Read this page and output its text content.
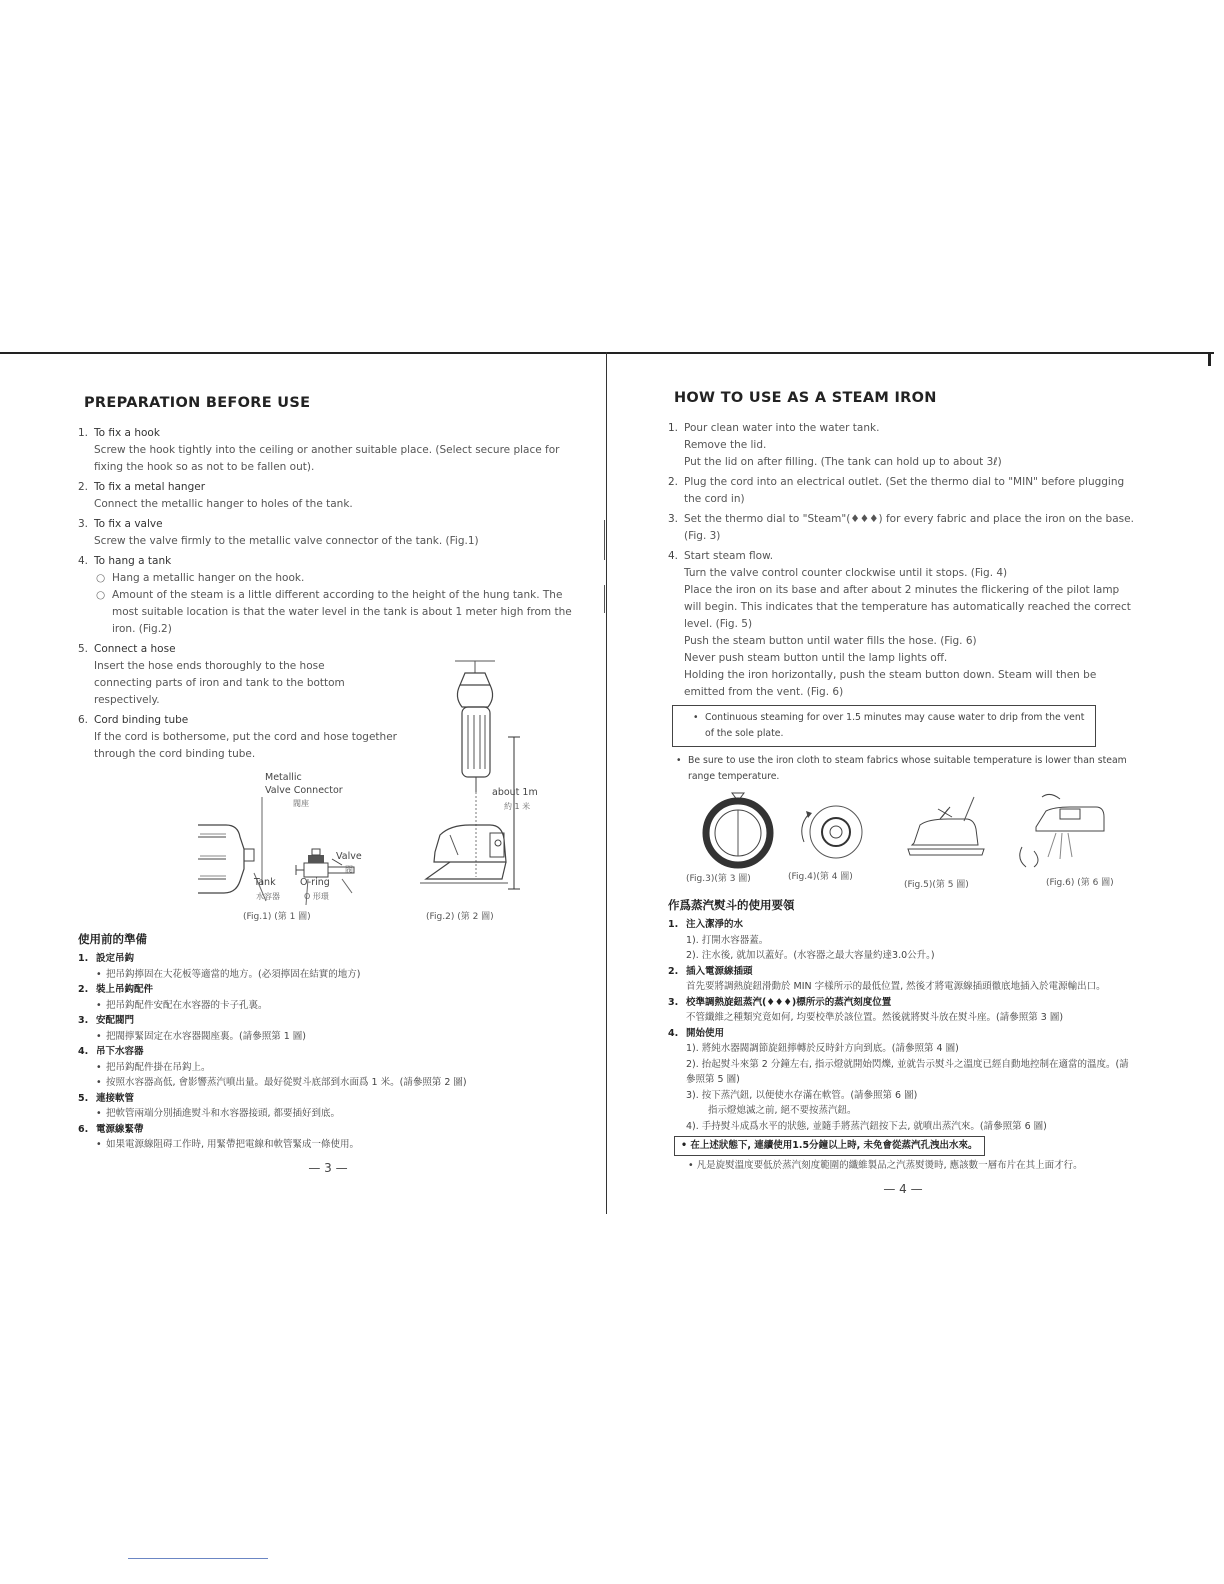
PREPARATION BEFORE USE
1. To fix a hook
Screw the hook tightly into the ceiling or another suitable place. (Select secure place for fixing the hook so as not to be fallen out).
2. To fix a metal hanger
Connect the metallic hanger to holes of the tank.
3. To fix a valve
Screw the valve firmly to the metallic valve connector of the tank. (Fig.1)
4. To hang a tank
○ Hang a metallic hanger on the hook.
○ Amount of the steam is a little different according to the height of the hung tank. The most suitable location is that the water level in the tank is about 1 meter high from the iron. (Fig.2)
5. Connect a hose
Insert the hose ends thoroughly to the hose connecting parts of iron and tank to the bottom respectively.
6. Cord binding tube
If the cord is bothersome, put the cord and hose together through the cord binding tube.
about 1m
約 1 米
Metallic
Valve Connector
閥座
Valve
閥
Tank
水容器
O-ring
O 形環
(Fig.1) (第 1 圖)	(Fig.2) (第 2 圖)
使用前的準備
1. 設定吊鈎
• 把吊鈎擰固在大花板等適當的地方。(必須擰固在結實的地方)
2. 裝上吊鈎配件
• 把吊鈎配件安配在水容器的卡子孔裏。
3. 安配閥門
• 把閥擰緊固定在水容器閥座裏。(請參照第 1 圖)
4. 吊下水容器
• 把吊鈎配件掛在吊鈎上。
• 按照水容器高低, 會影響蒸汽噴出量。最好從熨斗底部到水面爲 1 米。(請參照第 2 圖)
5. 連接軟管
• 把軟管兩端分別插進熨斗和水容器接頭, 都要插好到底。
6. 電源線緊帶
• 如果電源線阻碍工作時, 用緊帶把電線和軟管緊成一條使用。
— 3 —
HOW TO USE AS A STEAM IRON
1. Pour clean water into the water tank.
Remove the lid.
Put the lid on after filling. (The tank can hold up to about 3ℓ)
2. Plug the cord into an electrical outlet. (Set the thermo dial to "MIN" before plugging the cord in)
3. Set the thermo dial to "Steam"(♦♦♦) for every fabric and place the iron on the base. (Fig. 3)
4. Start steam flow.
Turn the valve control counter clockwise until it stops. (Fig. 4)
Place the iron on its base and after about 2 minutes the flickering of the pilot lamp will begin. This indicates that the temperature has automatically reached the correct level. (Fig. 5)
Push the steam button until water fills the hose. (Fig. 6)
Never push steam button until the lamp lights off.
Holding the iron horizontally, push the steam button down. Steam will then be emitted from the vent. (Fig. 6)
• Continuous steaming for over 1.5 minutes may cause water to drip from the vent of the sole plate.
• Be sure to use the iron cloth to steam fabrics whose suitable temperature is lower than steam range temperature.
(Fig.3)(第 3 圖)	(Fig.4)(第 4 圖)
(Fig.5)(第 5 圖)	(Fig.6) (第 6 圖)
作爲蒸汽熨斗的使用要領
1. 注入潔淨的水
1). 打開水容器蓋。
2). 注水後, 就加以蓋好。(水容器之最大容量約達3.0公升。)
2. 插入電源線插頭
首先要將調熱旋鈕滑動於 MIN 字樣所示的最低位置, 然後才將電源線插頭徹底地插入於電源輸出口。
3. 校準調熱旋鈕蒸汽(♦♦♦)標所示的蒸汽刻度位置
不管纖維之種類究竟如何, 均要校準於該位置。然後就將熨斗放在熨斗座。(請參照第 3 圖)
4. 開始使用
1). 將純水器閥調節旋鈕擰轉於反時針方向到底。(請參照第 4 圖)
2). 抬起熨斗來第 2 分鐘左右, 指示燈就開始閃爍, 並就告示熨斗之溫度已經自動地控制在適當的溫度。(請參照第 5 圖)
3). 按下蒸汽鈕, 以便使水存滿在軟管。(請參照第 6 圖)
指示燈熄滅之前, 絕不要按蒸汽鈕。
4). 手持熨斗成爲水平的狀態, 並隨手將蒸汽鈕按下去, 就噴出蒸汽來。(請參照第 6 圖)
• 在上述狀態下, 連續使用1.5分鐘以上時, 未免會從蒸汽孔洩出水來。
• 凡是旋熨溫度要低於蒸汽刻度範圍的纖維製品之汽蒸熨燙時, 應該數一層布片在其上面才行。
— 4 —
